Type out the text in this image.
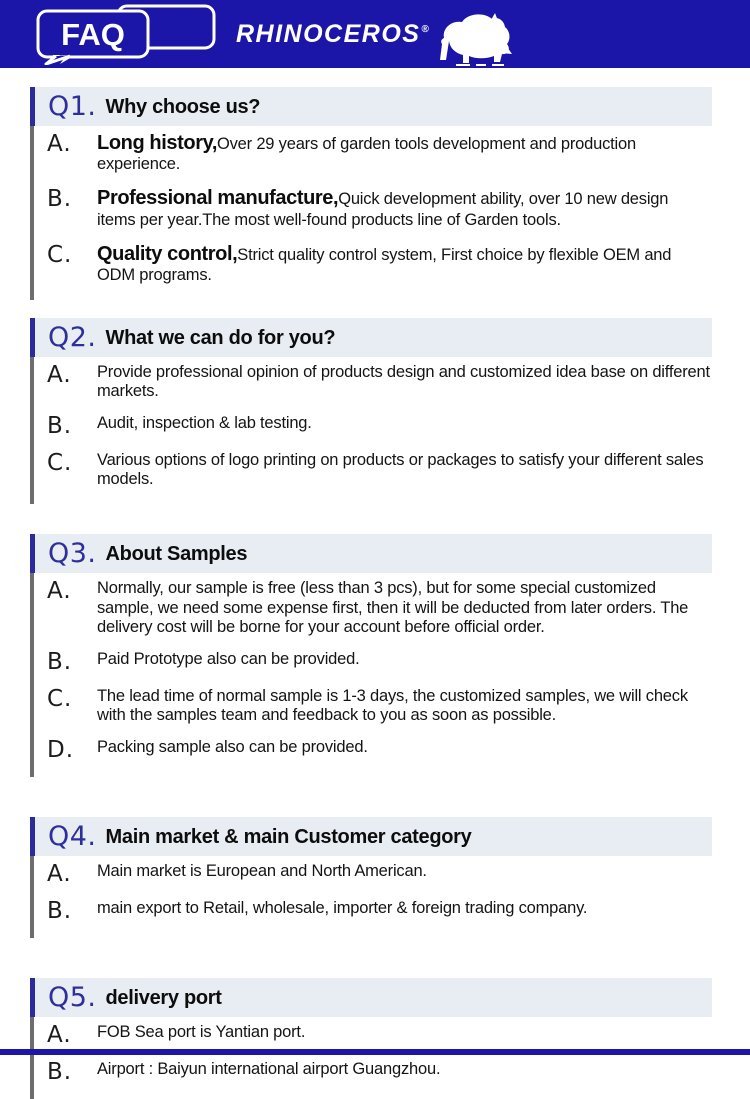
FAQ	RHINOCEROS®
Q1. Why choose us?
A.	Long history,Over 29 years of garden tools development and production experience.

B.	Professional manufacture,Quick development ability, over 10 new design items per year.The most well-found products line of Garden tools.

C.	Quality control,Strict quality control system, First choice by flexible OEM and ODM programs.

Q2. What we can do for you?
A.	Provide professional opinion of products design and customized idea base on different markets.

B.	Audit, inspection & lab testing.

C.	Various options of logo printing on products or packages to satisfy your different sales models.

Q3. About Samples
A.	Normally, our sample is free (less than 3 pcs), but for some special customized sample, we need some expense first, then it will be deducted from later orders. The delivery cost will be borne for your account before official order.

B.	Paid Prototype also can be provided.

C.	The lead time of normal sample is 1-3 days, the customized samples, we will check with the samples team and feedback to you as soon as possible.

D.	Packing sample also can be provided.

Q4. Main market & main Customer category
A.	Main market is European and North American.

B.	main export to Retail, wholesale, importer & foreign trading company.

Q5. delivery port
A.	FOB Sea port is Yantian port.

B.	Airport : Baiyun international airport Guangzhou.
